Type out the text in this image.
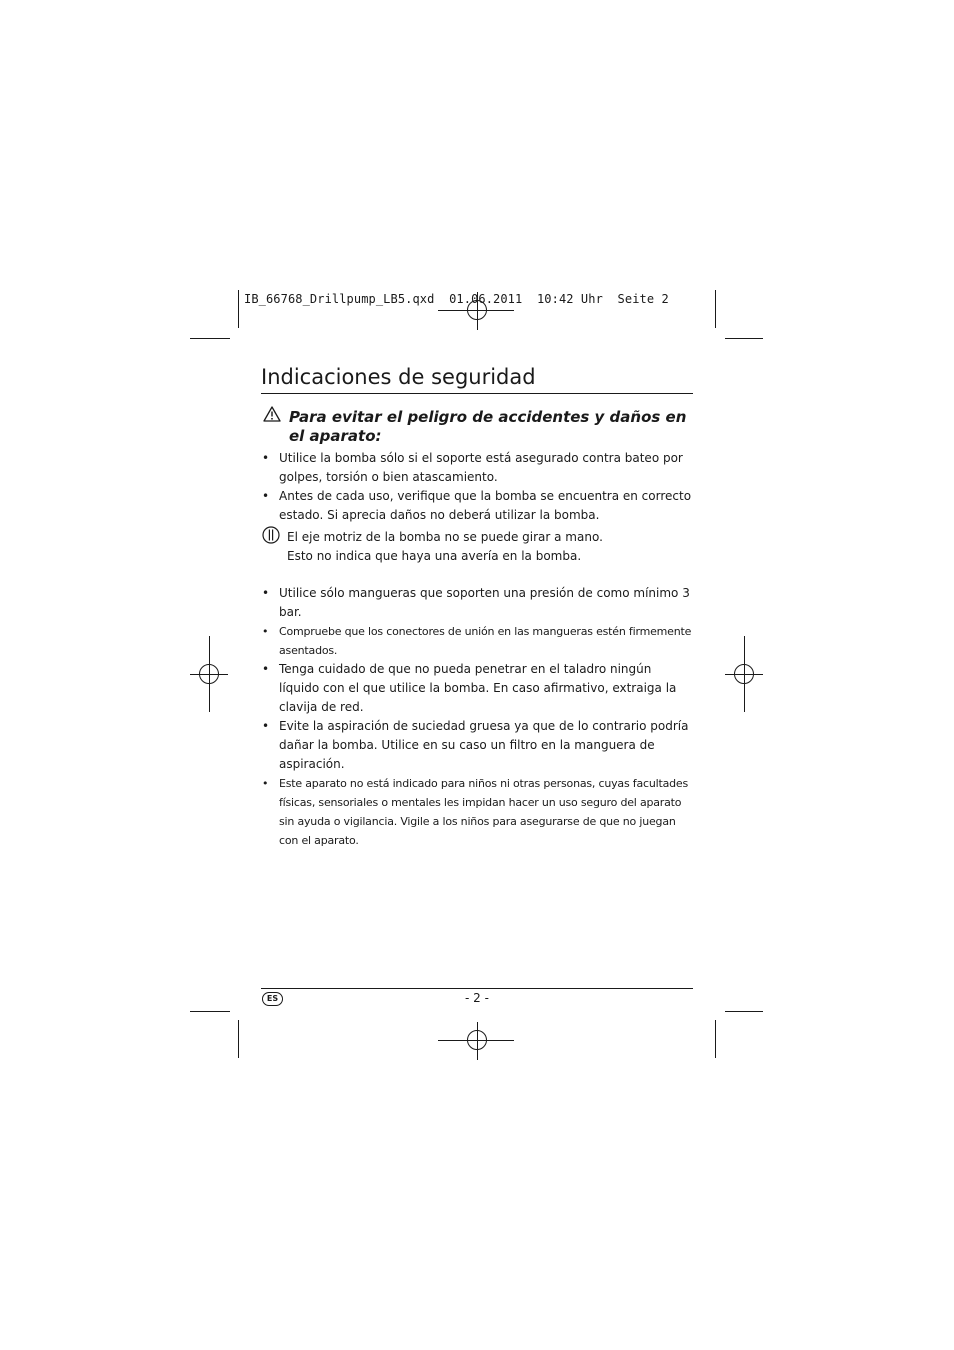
IB_66768_Drillpump_LB5.qxd  01.06.2011  10:42 Uhr  Seite 2
Indicaciones de seguridad
Para evitar el peligro de accidentes y daños en el aparato:
• Utilice la bomba sólo si el soporte está asegurado contra bateo por golpes, torsión o bien atascamiento.
• Antes de cada uso, verifique que la bomba se encuentra en correcto estado. Si aprecia daños no deberá utilizar la bomba.
El eje motriz de la bomba no se puede girar a mano.
Esto no indica que haya una avería en la bomba.
• Utilice sólo mangueras que soporten una presión de como mínimo 3 bar.
• Compruebe que los conectores de unión en las mangueras estén firmemente asentados.
• Tenga cuidado de que no pueda penetrar en el taladro ningún líquido con el que utilice la bomba. En caso afirmativo, extraiga la clavija de red.
• Evite la aspiración de suciedad gruesa ya que de lo contrario podría dañar la bomba. Utilice en su caso un filtro en la manguera de aspiración.
• Este aparato no está indicado para niños ni otras personas, cuyas facultades físicas, sensoriales o mentales les impidan hacer un uso seguro del aparato sin ayuda o vigilancia. Vigile a los niños para asegurarse de que no juegan con el aparato.
ES	- 2 -
